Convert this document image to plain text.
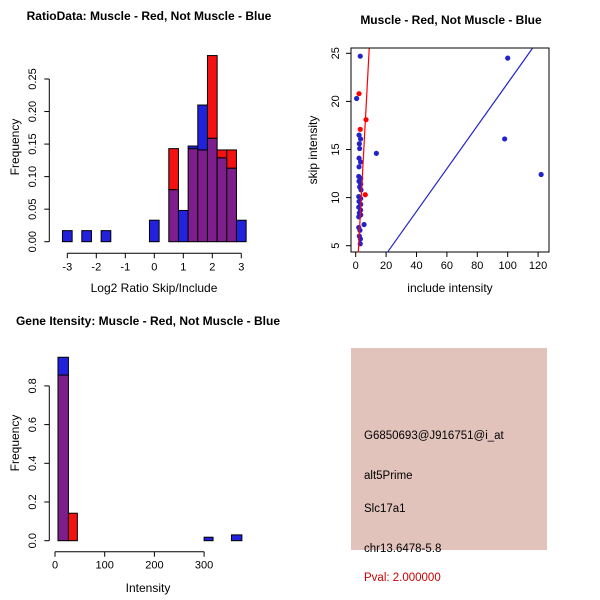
RatioData: Muscle - Red, Not Muscle - Blue
0.00
0.05
0.10
0.15
0.20
0.25
-3 -2 -1 0 1 2 3
Log2 Ratio Skip/Include
Frequency
Muscle - Red, Not Muscle - Blue
0 20 40 60 80 100 120
5
10
15
20
25
include intensity
skip intensity
Gene Itensity: Muscle - Red, Not Muscle - Blue
0.0
0.2
0.4
0.6
0.8
0	100	200	300
Intensity
Frequency	G6850693@J916751@i_at
alt5Prime
Slc17a1
chr13.6478-5.8
Pval: 2.000000
